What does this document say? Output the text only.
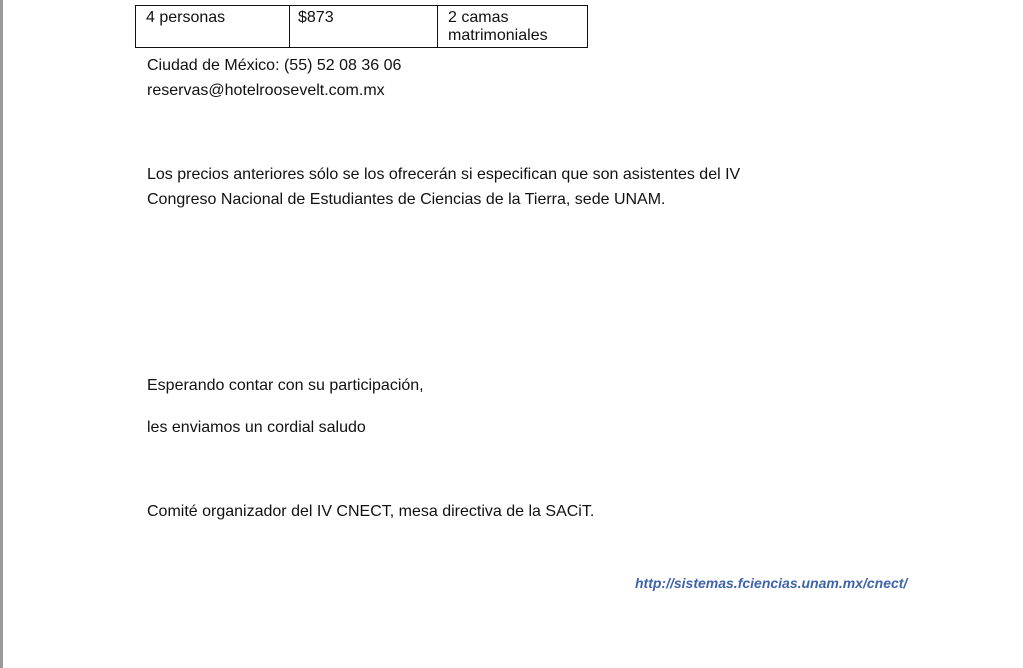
4 personas	$873	2 camas matrimoniales
Ciudad de México: (55) 52 08 36 06
reservas@hotelroosevelt.com.mx
Los precios anteriores sólo se los ofrecerán si especifican que son asistentes del IV
Congreso Nacional de Estudiantes de Ciencias de la Tierra, sede UNAM.
Esperando contar con su participación,
les enviamos un cordial saludo
Comité organizador del IV CNECT, mesa directiva de la SACiT.
http://sistemas.fciencias.unam.mx/cnect/
